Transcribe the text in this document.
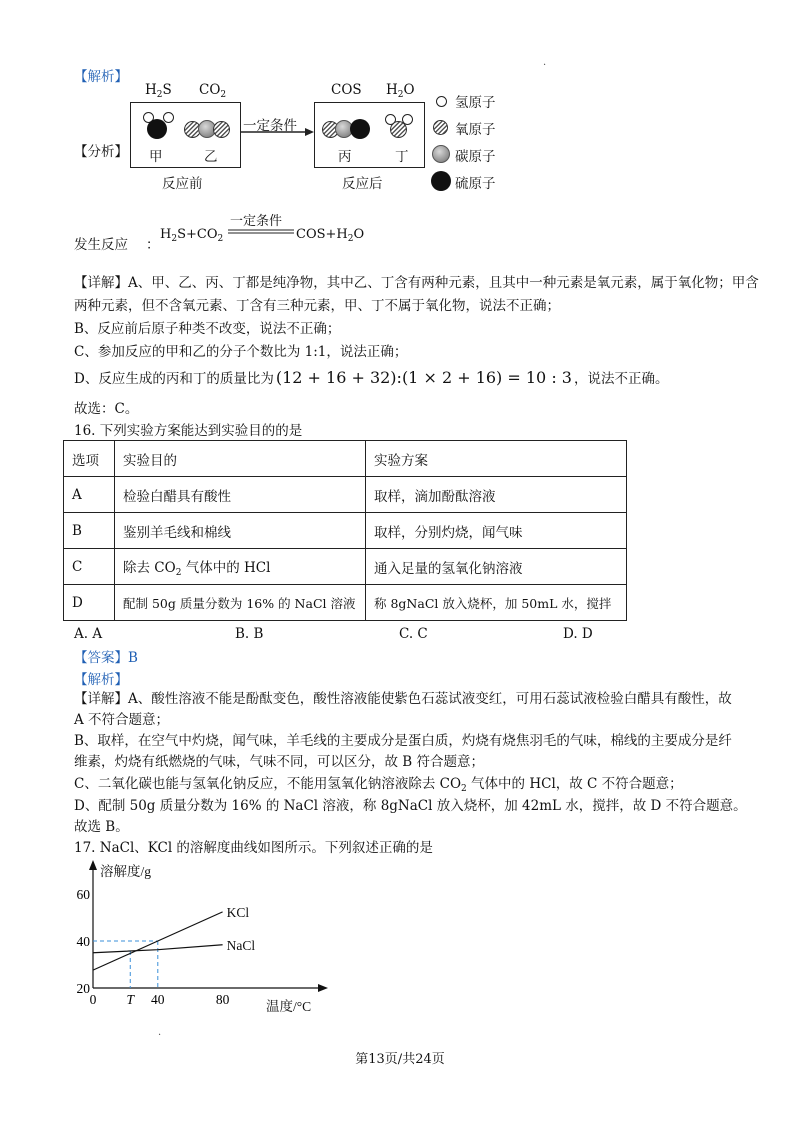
【解析】
·
【分析】
$H_2S$ $CO_2$
甲	乙
反应前
一定条件
COS $H_2O$
丙	丁
反应后
氢原子
氧原子
碳原子
硫原子
发生反应 ：
$H_2S+CO_2$
一定条件
$COS+H_2O$
【详解】A、甲、乙、丙、丁都是纯净物，其中乙、丁含有两种元素，且其中一种元素是氧元素，属于氧化物；甲含
两种元素，但不含氧元素、丁含有三种元素，甲、丁不属于氧化物，说法不正确；
B、反应前后原子种类不改变，说法不正确；
C、参加反应的甲和乙的分子个数比为 1:1，说法正确；
D、反应生成的丙和丁的质量比为 (12 + 16 + 32):(1 × 2 + 16) = 10 : 3 ，说法不正确。
故选：C。
16. 下列实验方案能达到实验目的的是
选项	实验目的	实验方案
A	检验白醋具有酸性	取样，滴加酚酞溶液
B	鉴别羊毛线和棉线	取样，分别灼烧，闻气味
C	除去 $CO_2$ 气体中的 HCl	通入足量的氢氧化钠溶液
D	配制 50g 质量分数为 16% 的 NaCl 溶液	称 8gNaCl 放入烧杯，加 50mL 水，搅拌
A. A	B. B	C. C	D. D
【答案】B
【解析】
【详解】A、酸性溶液不能是酚酞变色，酸性溶液能使紫色石蕊试液变红，可用石蕊试液检验白醋具有酸性，故
A 不符合题意；
B、取样，在空气中灼烧，闻气味，羊毛线的主要成分是蛋白质，灼烧有烧焦羽毛的气味，棉线的主要成分是纤
维素，灼烧有纸燃烧的气味，气味不同，可以区分，故 B 符合题意；
C、二氧化碳也能与氢氧化钠反应，不能用氢氧化钠溶液除去 $CO_2$ 气体中的 HCl，故 C 不符合题意；
D、配制 50g 质量分数为 16% 的 NaCl 溶液，称 8gNaCl 放入烧杯，加 42mL 水，搅拌，故 D 不符合题意。
故选 B。
17. NaCl、KCl 的溶解度曲线如图所示。下列叙述正确的是
溶解度/g
温度/°C
60
40
20
0 T 40	80
KCl
NaCl
·
第13页/共24页
